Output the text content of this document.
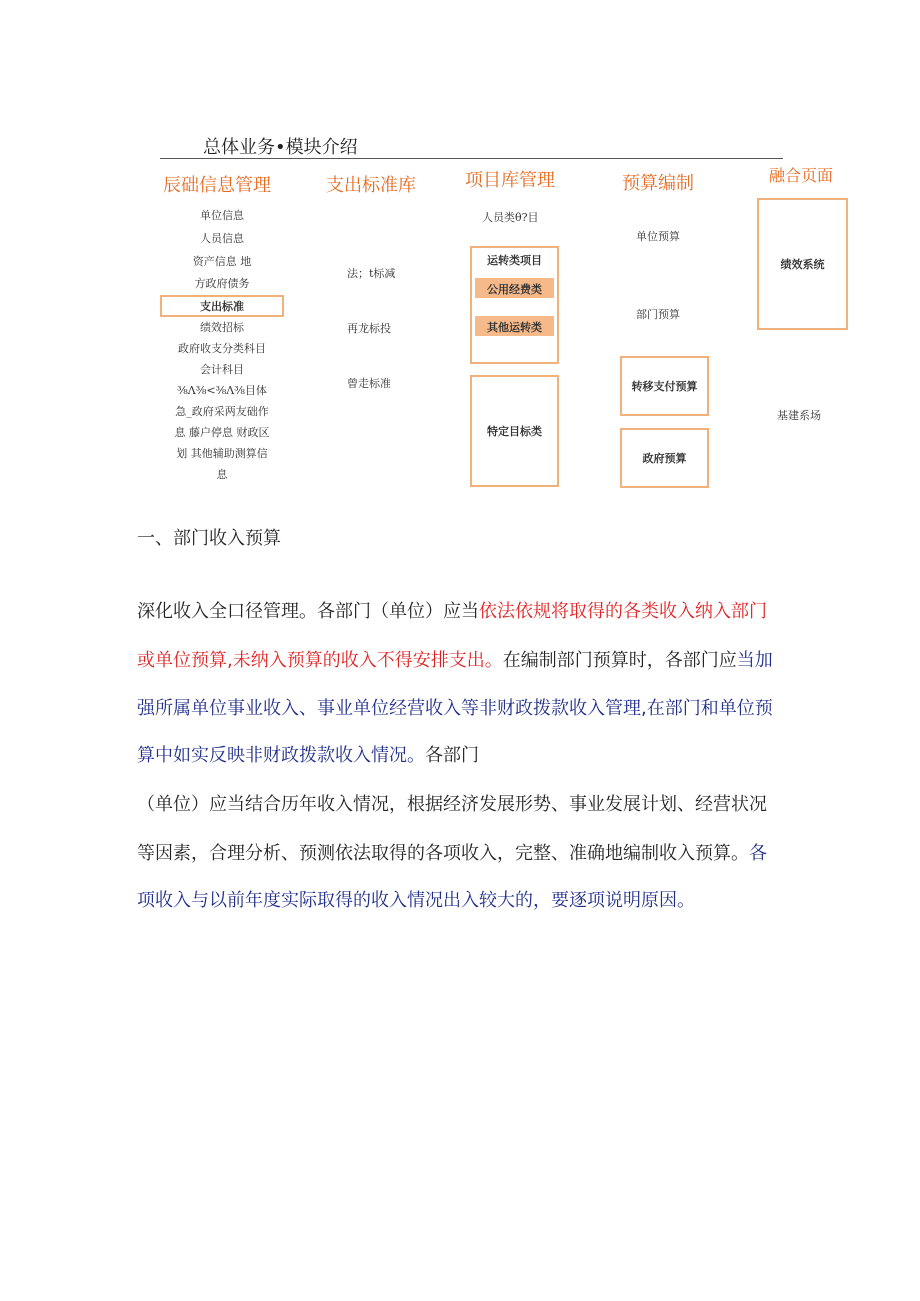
总体业务•模块介绍
辰础信息管理
单位信息
人员信息
资产信息 地
方政府债务
支出标准
绩效招标
政府收支分类科目
会计科目
⅜Λ⅜<⅜Λ⅜目体
急_政府采两友础作
息 藤户停息 财政区
划 其他辅助测算信
息
支出标准库
法；t标减
再龙标投
曾走标准
项目库管理
人员类θ?目
运转类项目
公用经费类
其他运转类
特定目标类
预算编制
单位预算
部门预算
转移支付预算
政府预算
融合页面
绩效系统
基建系场
一、部门收入预算
深化收入全口径管理。各部门（单位）应当依法依规将取得的各类收入纳入部门
或单位预算,未纳入预算的收入不得安排支出。在编制部门预算时，各部门应当加
强所属单位事业收入、事业单位经营收入等非财政拨款收入管理,在部门和单位预
算中如实反映非财政拨款收入情况。各部门
（单位）应当结合历年收入情况，根据经济发展形势、事业发展计划、经营状况
等因素，合理分析、预测依法取得的各项收入，完整、准确地编制收入预算。各
项收入与以前年度实际取得的收入情况出入较大的，要逐项说明原因。
